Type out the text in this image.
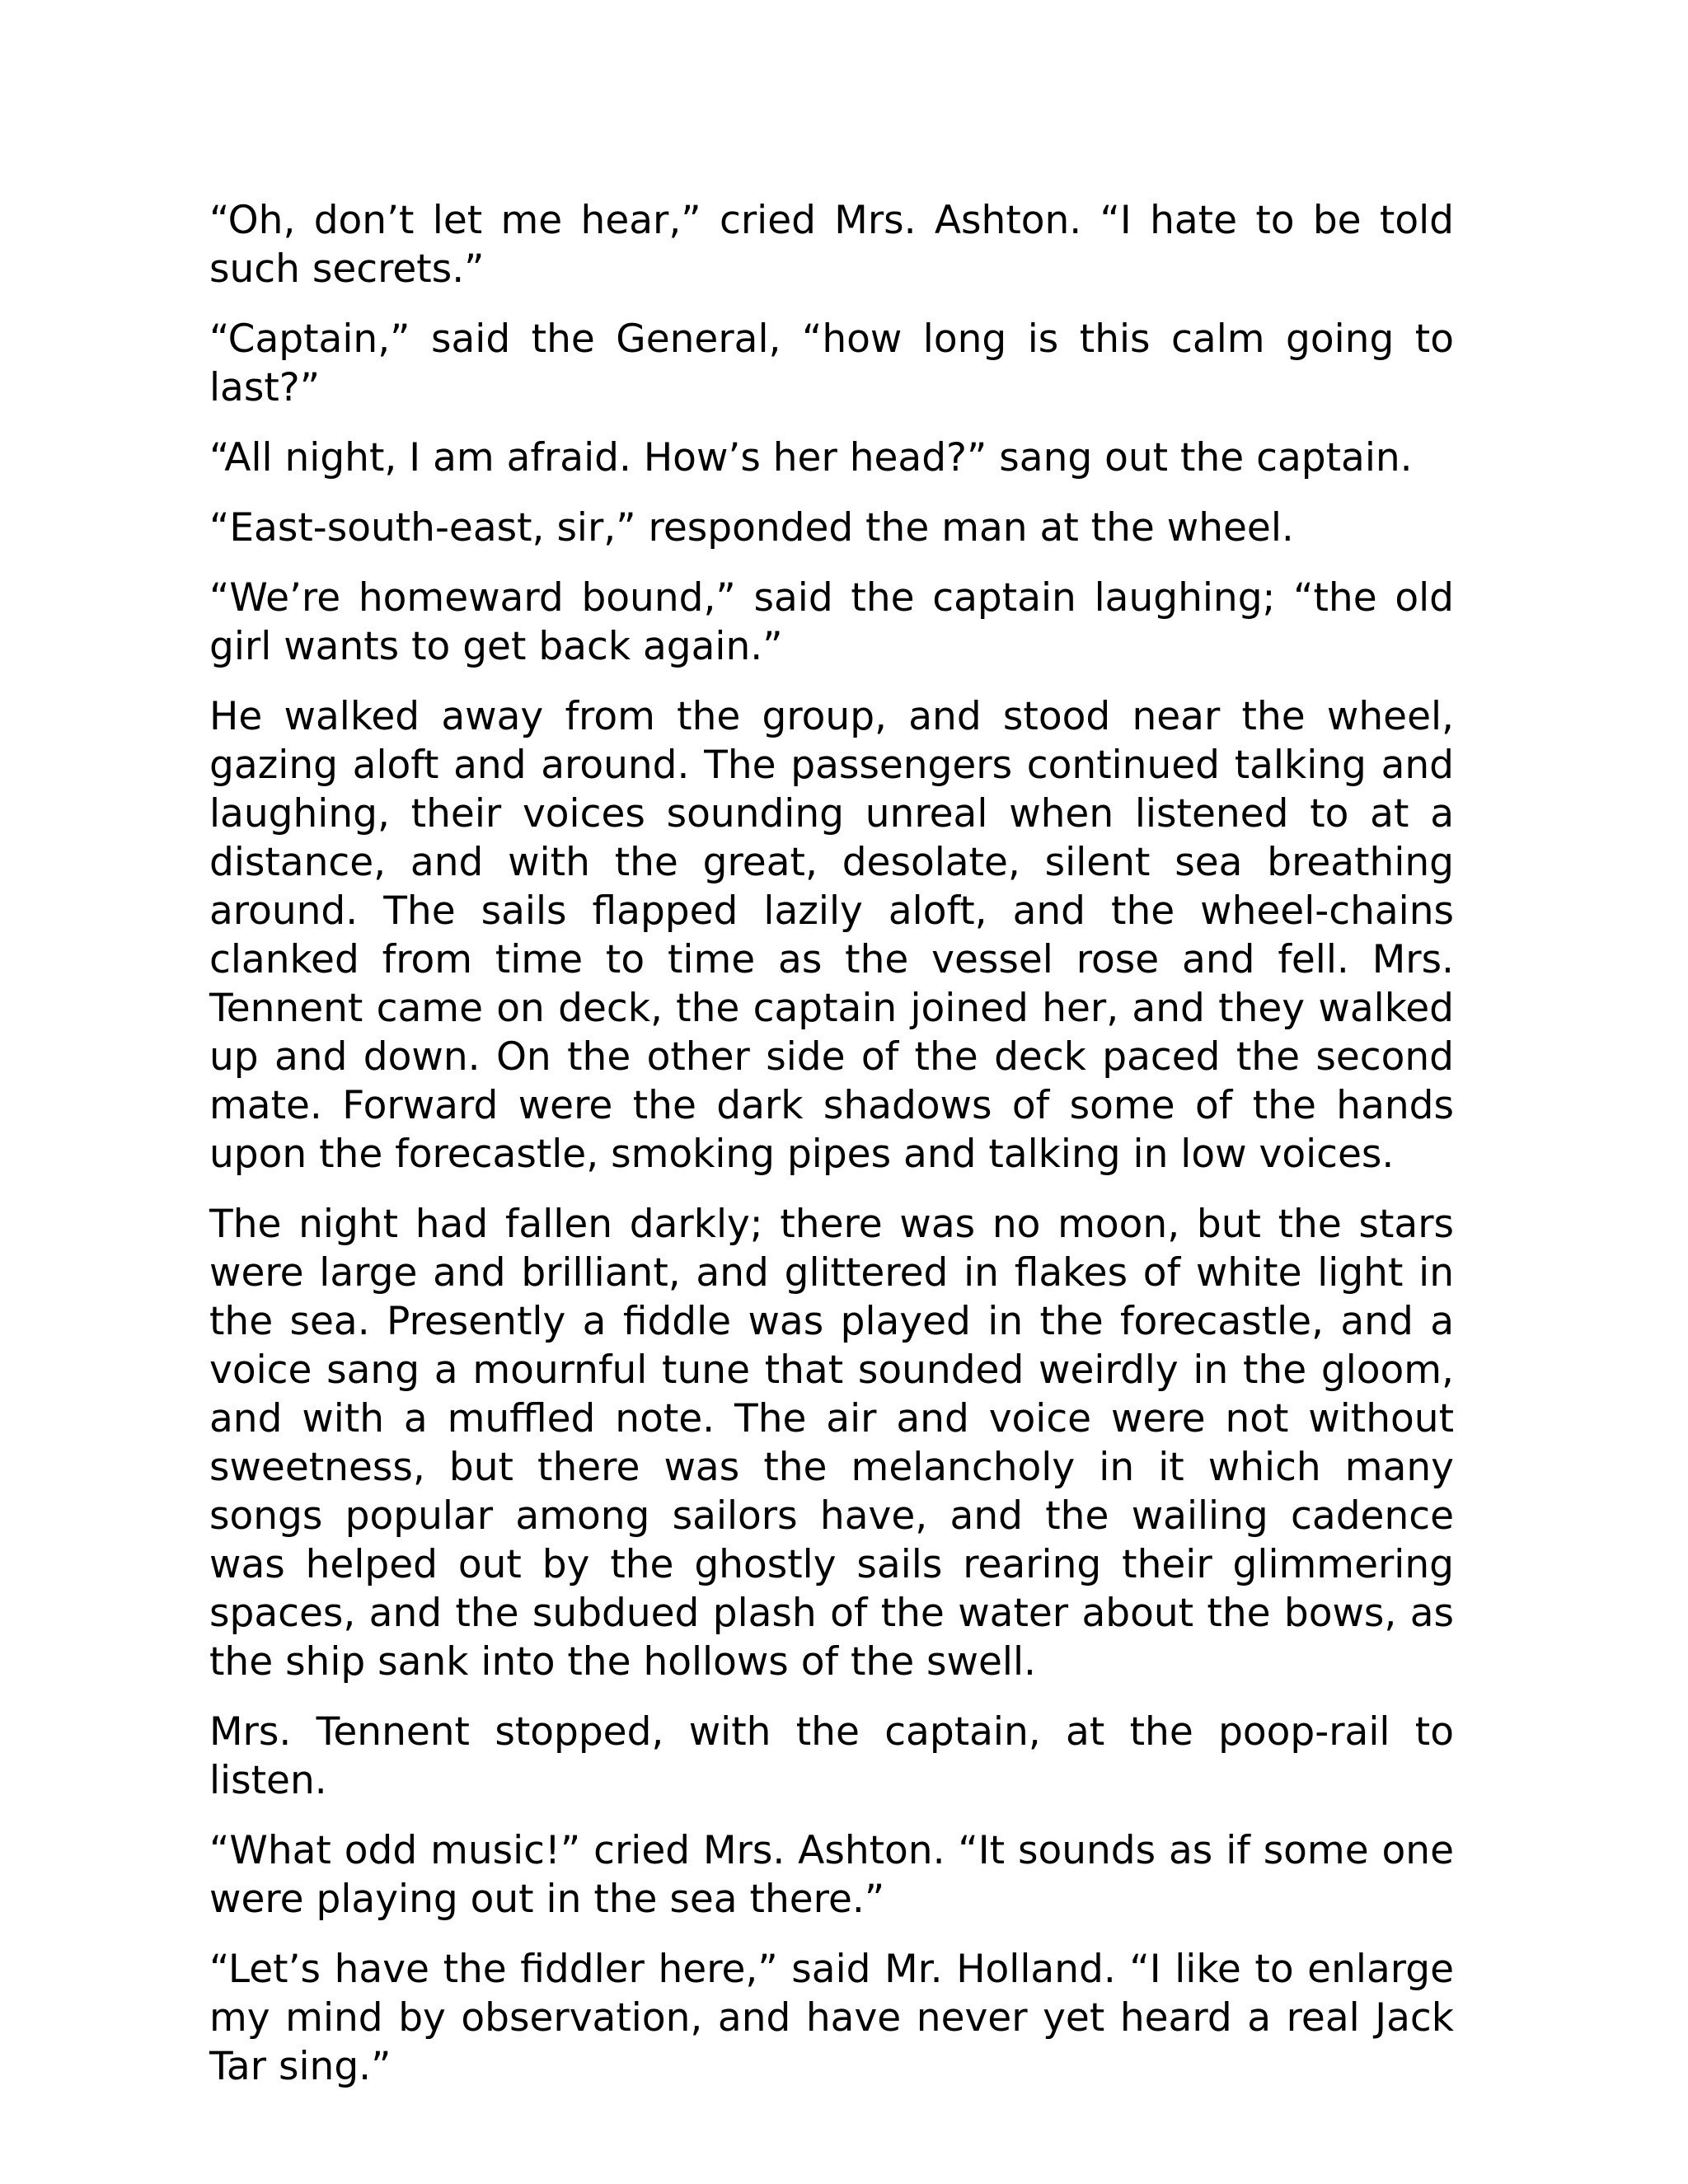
“Oh, don’t let me hear,” cried Mrs. Ashton. “I hate to be told such secrets.”

“Captain,” said the General, “how long is this calm going to last?”

“All night, I am afraid. How’s her head?” sang out the captain.

“East-south-east, sir,” responded the man at the wheel.

“We’re homeward bound,” said the captain laughing; “the old girl wants to get back again.”

He walked away from the group, and stood near the wheel, gazing aloft and around. The passengers continued talking and laughing, their voices sounding unreal when listened to at a distance, and with the great, desolate, silent sea breathing around. The sails flapped lazily aloft, and the wheel-chains clanked from time to time as the vessel rose and fell. Mrs. Tennent came on deck, the captain joined her, and they walked up and down. On the other side of the deck paced the second mate. Forward were the dark shadows of some of the hands upon the forecastle, smoking pipes and talking in low voices.

The night had fallen darkly; there was no moon, but the stars were large and brilliant, and glittered in flakes of white light in the sea. Presently a fiddle was played in the forecastle, and a voice sang a mournful tune that sounded weirdly in the gloom, and with a muffled note. The air and voice were not without sweetness, but there was the melancholy in it which many songs popular among sailors have, and the wailing cadence was helped out by the ghostly sails rearing their glimmering spaces, and the subdued plash of the water about the bows, as the ship sank into the hollows of the swell.

Mrs. Tennent stopped, with the captain, at the poop-rail to listen.

“What odd music!” cried Mrs. Ashton. “It sounds as if some one were playing out in the sea there.”

“Let’s have the fiddler here,” said Mr. Holland. “I like to enlarge my mind by observation, and have never yet heard a real Jack Tar sing.”
